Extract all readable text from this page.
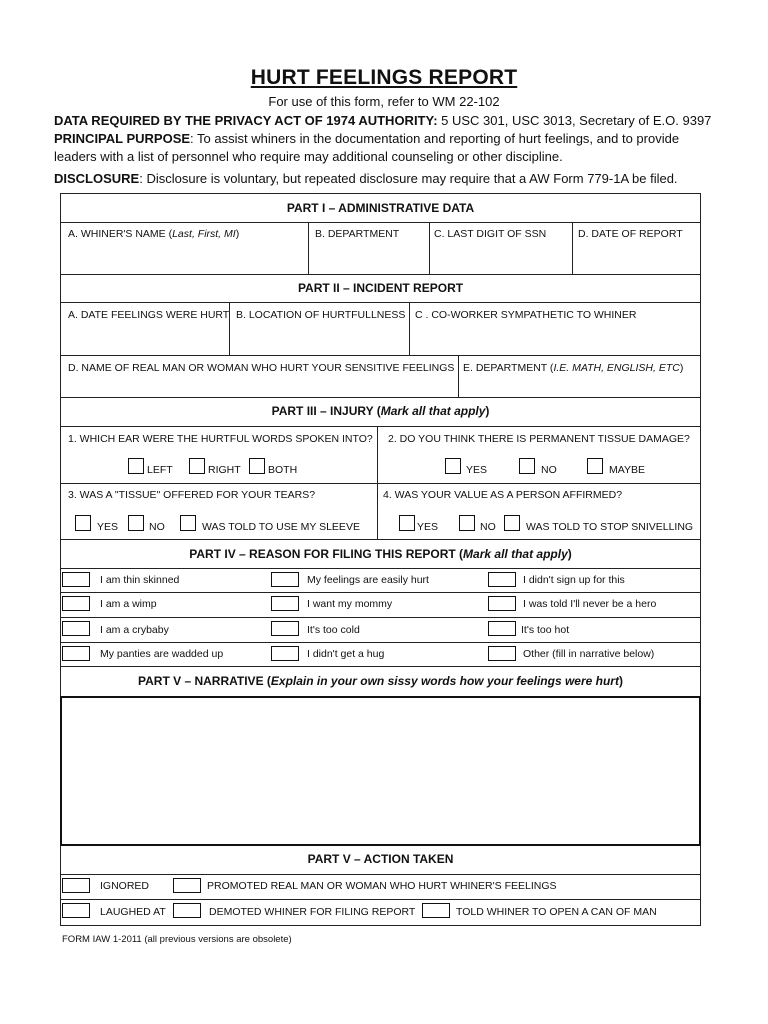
HURT FEELINGS REPORT
For use of this form, refer to WM 22-102
DATA REQUIRED BY THE PRIVACY ACT OF 1974 AUTHORITY: 5 USC 301, USC 3013, Secretary of E.O. 9397
PRINCIPAL PURPOSE: To assist whiners in the documentation and reporting of hurt feelings, and to provide
leaders with a list of personnel who require may additional counseling or other discipline.
DISCLOSURE: Disclosure is voluntary, but repeated disclosure may require that a AW Form 779-1A be filed.
PART I – ADMINISTRATIVE DATA
A. WHINER'S NAME (Last, First, MI)	B. DEPARTMENT	C. LAST DIGIT OF SSN	D. DATE OF REPORT
PART II – INCIDENT REPORT
A. DATE FEELINGS WERE HURT B. LOCATION OF HURTFULLNESS C . CO-WORKER SYMPATHETIC TO WHINER
D. NAME OF REAL MAN OR WOMAN WHO HURT YOUR SENSITIVE FEELINGS E. DEPARTMENT (I.E. MATH, ENGLISH, ETC)
PART III – INJURY (Mark all that apply)
1. WHICH EAR WERE THE HURTFUL WORDS SPOKEN INTO?
LEFT	RIGHT	BOTH
2. DO YOU THINK THERE IS PERMANENT TISSUE DAMAGE?
YES	NO	MAYBE
3. WAS A "TISSUE" OFFERED FOR YOUR TEARS?
YES	NO	WAS TOLD TO USE MY SLEEVE
4. WAS YOUR VALUE AS A PERSON AFFIRMED?
YES	NO	WAS TOLD TO STOP SNIVELLING
PART IV – REASON FOR FILING THIS REPORT (Mark all that apply)
I am thin skinned	My feelings are easily hurt	I didn't sign up for this
I am a wimp	I want my mommy	I was told I'll never be a hero
I am a crybaby	It's too cold	It's too hot
My panties are wadded up	I didn't get a hug	Other (fill in narrative below)
PART V – NARRATIVE (Explain in your own sissy words how your feelings were hurt)
PART V – ACTION TAKEN
IGNORED	PROMOTED REAL MAN OR WOMAN WHO HURT WHINER'S FEELINGS
LAUGHED AT	DEMOTED WHINER FOR FILING REPORT	TOLD WHINER TO OPEN A CAN OF MAN
FORM IAW 1-2011 (all previous versions are obsolete)
